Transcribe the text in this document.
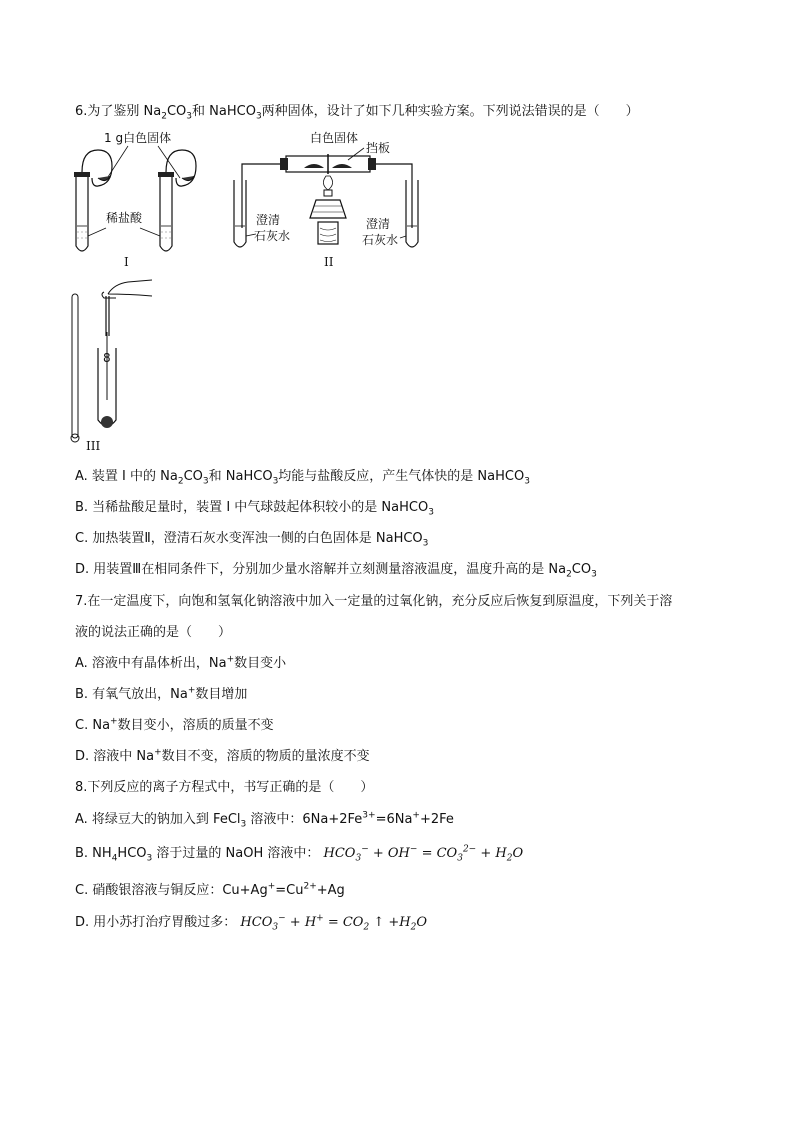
6.为了鉴别 $Na_2CO_3$和 NaHCO$_3$两种固体，设计了如下几种实验方案。下列说法错误的是（　　）
1 g白色固体
稀盐酸
I
白色固体
挡板
澄清
石灰水
澄清
石灰水
II
8
III
A. 装置 I 中的 $Na_2CO_3$和 NaHCO$_3$均能与盐酸反应，产生气体快的是 NaHCO$_3$
B. 当稀盐酸足量时，装置 I 中气球鼓起体积较小的是 NaHCO$_3$
C. 加热装置Ⅱ，澄清石灰水变浑浊一侧的白色固体是 NaHCO$_3$
D. 用装置Ⅲ在相同条件下，分别加少量水溶解并立刻测量溶液温度，温度升高的是 $Na_2CO_3$
7.在一定温度下，向饱和氢氧化钠溶液中加入一定量的过氧化钠，充分反应后恢复到原温度，下列关于溶
液的说法正确的是（　　）
A. 溶液中有晶体析出，Na+数目变小
B. 有氧气放出，Na+数目增加
C. Na+数目变小，溶质的质量不变
D. 溶液中 Na+数目不变，溶质的物质的量浓度不变
8.下列反应的离子方程式中，书写正确的是（　　）
A. 将绿豆大的钠加入到 FeCl$_3$ 溶液中：$6Na+2Fe^{3+}=6Na^++2Fe$
B. $NH_4HCO_3$ 溶于过量的 NaOH 溶液中： $HCO_3^- + OH^- = CO_3^{2-} + H_2O$
C. 硝酸银溶液与铜反应：$Cu+Ag^+=Cu^{2+}+Ag$
D. 用小苏打治疗胃酸过多： $HCO_3^- + H^+ = CO_2$ ↑ $+H_2O$
